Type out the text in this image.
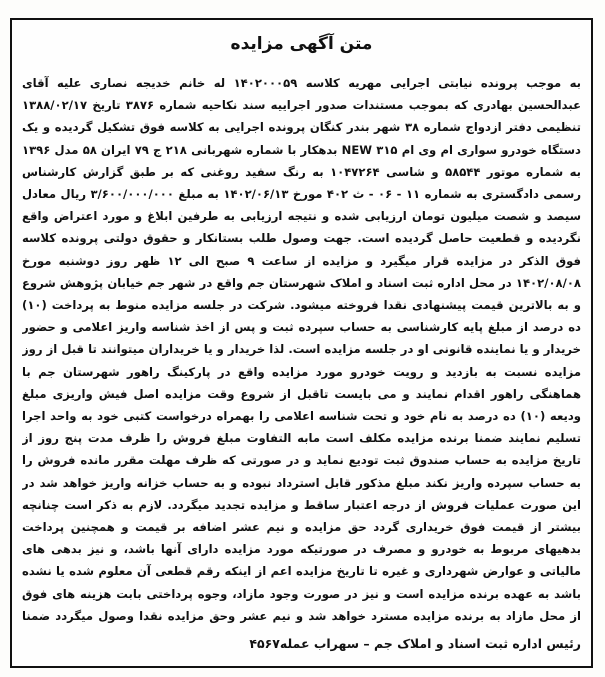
متن آگهی مزایده
به موجب پرونده نیابتی اجرایی مهریه کلاسه ۱۴۰۲۰۰۰۵۹ له خانم خدیجه نصاری علیه آقای عبدالحسین بهادری که بموجب مستندات صدور اجراییه سند نکاحیه شماره ۳۸۷۶ تاریخ ۱۳۸۸/۰۲/۱۷ تنظیمی دفتر ازدواج شماره ۳۸ شهر بندر کنگان پرونده اجرایی به کلاسه فوق تشکیل گردیده و یک دستگاه خودرو سواری ام وی ام ۳۱۵ NEW بدهکار با شماره شهربانی ۲۱۸ ج ۷۹ ایران ۵۸ مدل ۱۳۹۶ به شماره موتور ۵۸۵۴۴ و شاسی ۱۰۴۷۲۶۴ به رنگ سفید روغنی که بر طبق گزارش کارشناس رسمی دادگستری به شماره ۱۱ - ۰۶ - ث ۴۰۲ مورخ ۱۴۰۲/۰۶/۱۳ به مبلغ ۳/۶۰۰/۰۰۰/۰۰۰ ریال معادل سیصد و شصت میلیون تومان ارزیابی شده و نتیجه ارزیابی به طرفین ابلاغ و مورد اعتراض واقع نگردیده و قطعیت حاصل گردیده است. جهت وصول طلب بستانکار و حقوق دولتی پرونده کلاسه فوق الذکر در مزایده قرار میگیرد و مزایده از ساعت ۹ صبح الی ۱۲ ظهر روز دوشنبه مورخ ۱۴۰۲/۰۸/۰۸ در محل اداره ثبت اسناد و املاک شهرستان جم واقع در شهر جم خیابان پژوهش شروع و به بالاترین قیمت پیشنهادی نقدا فروخته میشود. شرکت در جلسه مزایده منوط به پرداخت (۱۰) ده درصد از مبلغ پایه کارشناسی به حساب سپرده ثبت و پس از اخذ شناسه واریز اعلامی و حضور خریدار و یا نماینده قانونی او در جلسه مزایده است. لذا خریدار و یا خریداران میتوانند تا قبل از روز مزایده نسبت به بازدید و رویت خودرو مورد مزایده واقع در پارکینگ راهور شهرستان جم با هماهنگی راهور اقدام نمایند و می بایست تاقبل از شروع وقت مزایده اصل فیش واریزی مبلغ ودیعه (۱۰) ده درصد به نام خود و تحت شناسه اعلامی را بهمراه درخواست کتبی خود به واحد اجرا تسلیم نمایند ضمنا برنده مزایده مکلف است مابه التفاوت مبلغ فروش را ظرف مدت پنج روز از تاریخ مزایده به حساب صندوق ثبت تودیع نماید و در صورتی که ظرف مهلت مقرر مانده فروش را به حساب سپرده واریز نکند مبلغ مذکور قابل استرداد نبوده و به حساب خزانه واریز خواهد شد در این صورت عملیات فروش از درجه اعتبار ساقط و مزایده تجدید میگردد. لازم به ذکر است چنانچه بیشتر از قیمت فوق خریداری گردد حق مزایده و نیم عشر اضافه بر قیمت و همچنین پرداخت بدهیهای مربوط به خودرو و مصرف در صورتیکه مورد مزایده دارای آنها باشد، و نیز بدهی های مالیاتی و عوارض شهرداری و غیره تا تاریخ مزایده اعم از اینکه رقم قطعی آن معلوم شده یا نشده باشد به عهده برنده مزایده است و نیز در صورت وجود مازاد، وجوه پرداختی بابت هزینه های فوق از محل مازاد به برنده مزایده مسترد خواهد شد و نیم عشر وحق مزایده نقدا وصول میگردد ضمنا
رئیس اداره ثبت اسناد و املاک جم – سهراب عمله۴۵۶۷
